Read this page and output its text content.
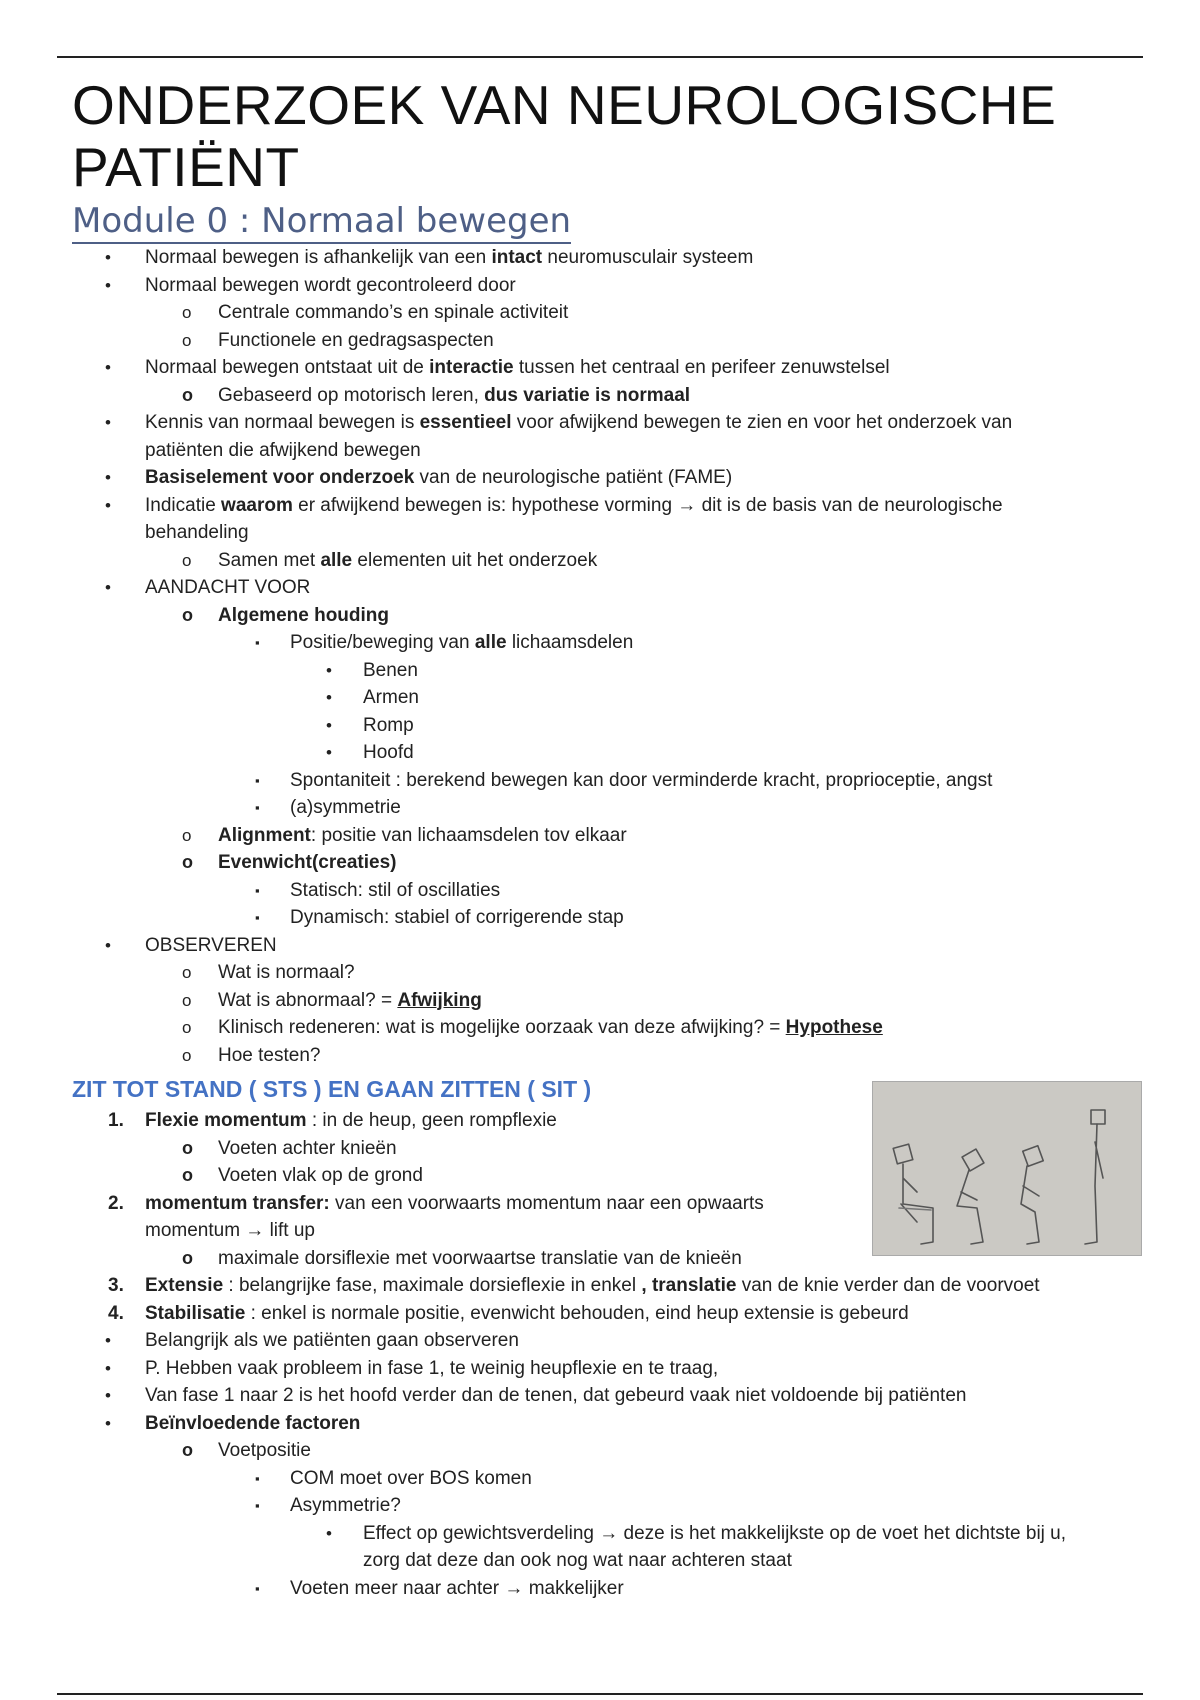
ONDERZOEK VAN NEUROLOGISCHE
PATIËNT
Module 0 : Normaal bewegen
• Normaal bewegen is afhankelijk van een intact neuromusculair systeem
• Normaal bewegen wordt gecontroleerd door
o Centrale commando’s en spinale activiteit
o Functionele en gedragsaspecten
• Normaal bewegen ontstaat uit de interactie tussen het centraal en perifeer zenuwstelsel
o Gebaseerd op motorisch leren, dus variatie is normaal
• Kennis van normaal bewegen is essentieel voor afwijkend bewegen te zien en voor het onderzoek van
patiënten die afwijkend bewegen
• Basiselement voor onderzoek van de neurologische patiënt (FAME)
• Indicatie waarom er afwijkend bewegen is: hypothese vorming → dit is de basis van de neurologische
behandeling
o Samen met alle elementen uit het onderzoek
• AANDACHT VOOR
o Algemene houding
▪ Positie/beweging van alle lichaamsdelen
• Benen
• Armen
• Romp
• Hoofd
▪ Spontaniteit : berekend bewegen kan door verminderde kracht, proprioceptie, angst
▪ (a)symmetrie
o Alignment: positie van lichaamsdelen tov elkaar
o Evenwicht(creaties)
▪ Statisch: stil of oscillaties
▪ Dynamisch: stabiel of corrigerende stap
• OBSERVEREN
o Wat is normaal?
o Wat is abnormaal? = Afwijking
o Klinisch redeneren: wat is mogelijke oorzaak van deze afwijking? = Hypothese
o Hoe testen?
ZIT TOT STAND ( STS ) EN GAAN ZITTEN ( SIT )
1. Flexie momentum : in de heup, geen rompflexie
o Voeten achter knieën
o Voeten vlak op de grond
2. momentum transfer: van een voorwaarts momentum naar een opwaarts
momentum → lift up
o maximale dorsiflexie met voorwaartse translatie van de knieën
3. Extensie : belangrijke fase, maximale dorsieflexie in enkel , translatie van de knie verder dan de voorvoet
4. Stabilisatie : enkel is normale positie, evenwicht behouden, eind heup extensie is gebeurd
• Belangrijk als we patiënten gaan observeren
• P. Hebben vaak probleem in fase 1, te weinig heupflexie en te traag,
• Van fase 1 naar 2 is het hoofd verder dan de tenen, dat gebeurd vaak niet voldoende bij patiënten
• Beïnvloedende factoren
o Voetpositie
▪ COM moet over BOS komen
▪ Asymmetrie?
• Effect op gewichtsverdeling → deze is het makkelijkste op de voet het dichtste bij u,
zorg dat deze dan ook nog wat naar achteren staat
▪ Voeten meer naar achter → makkelijker
